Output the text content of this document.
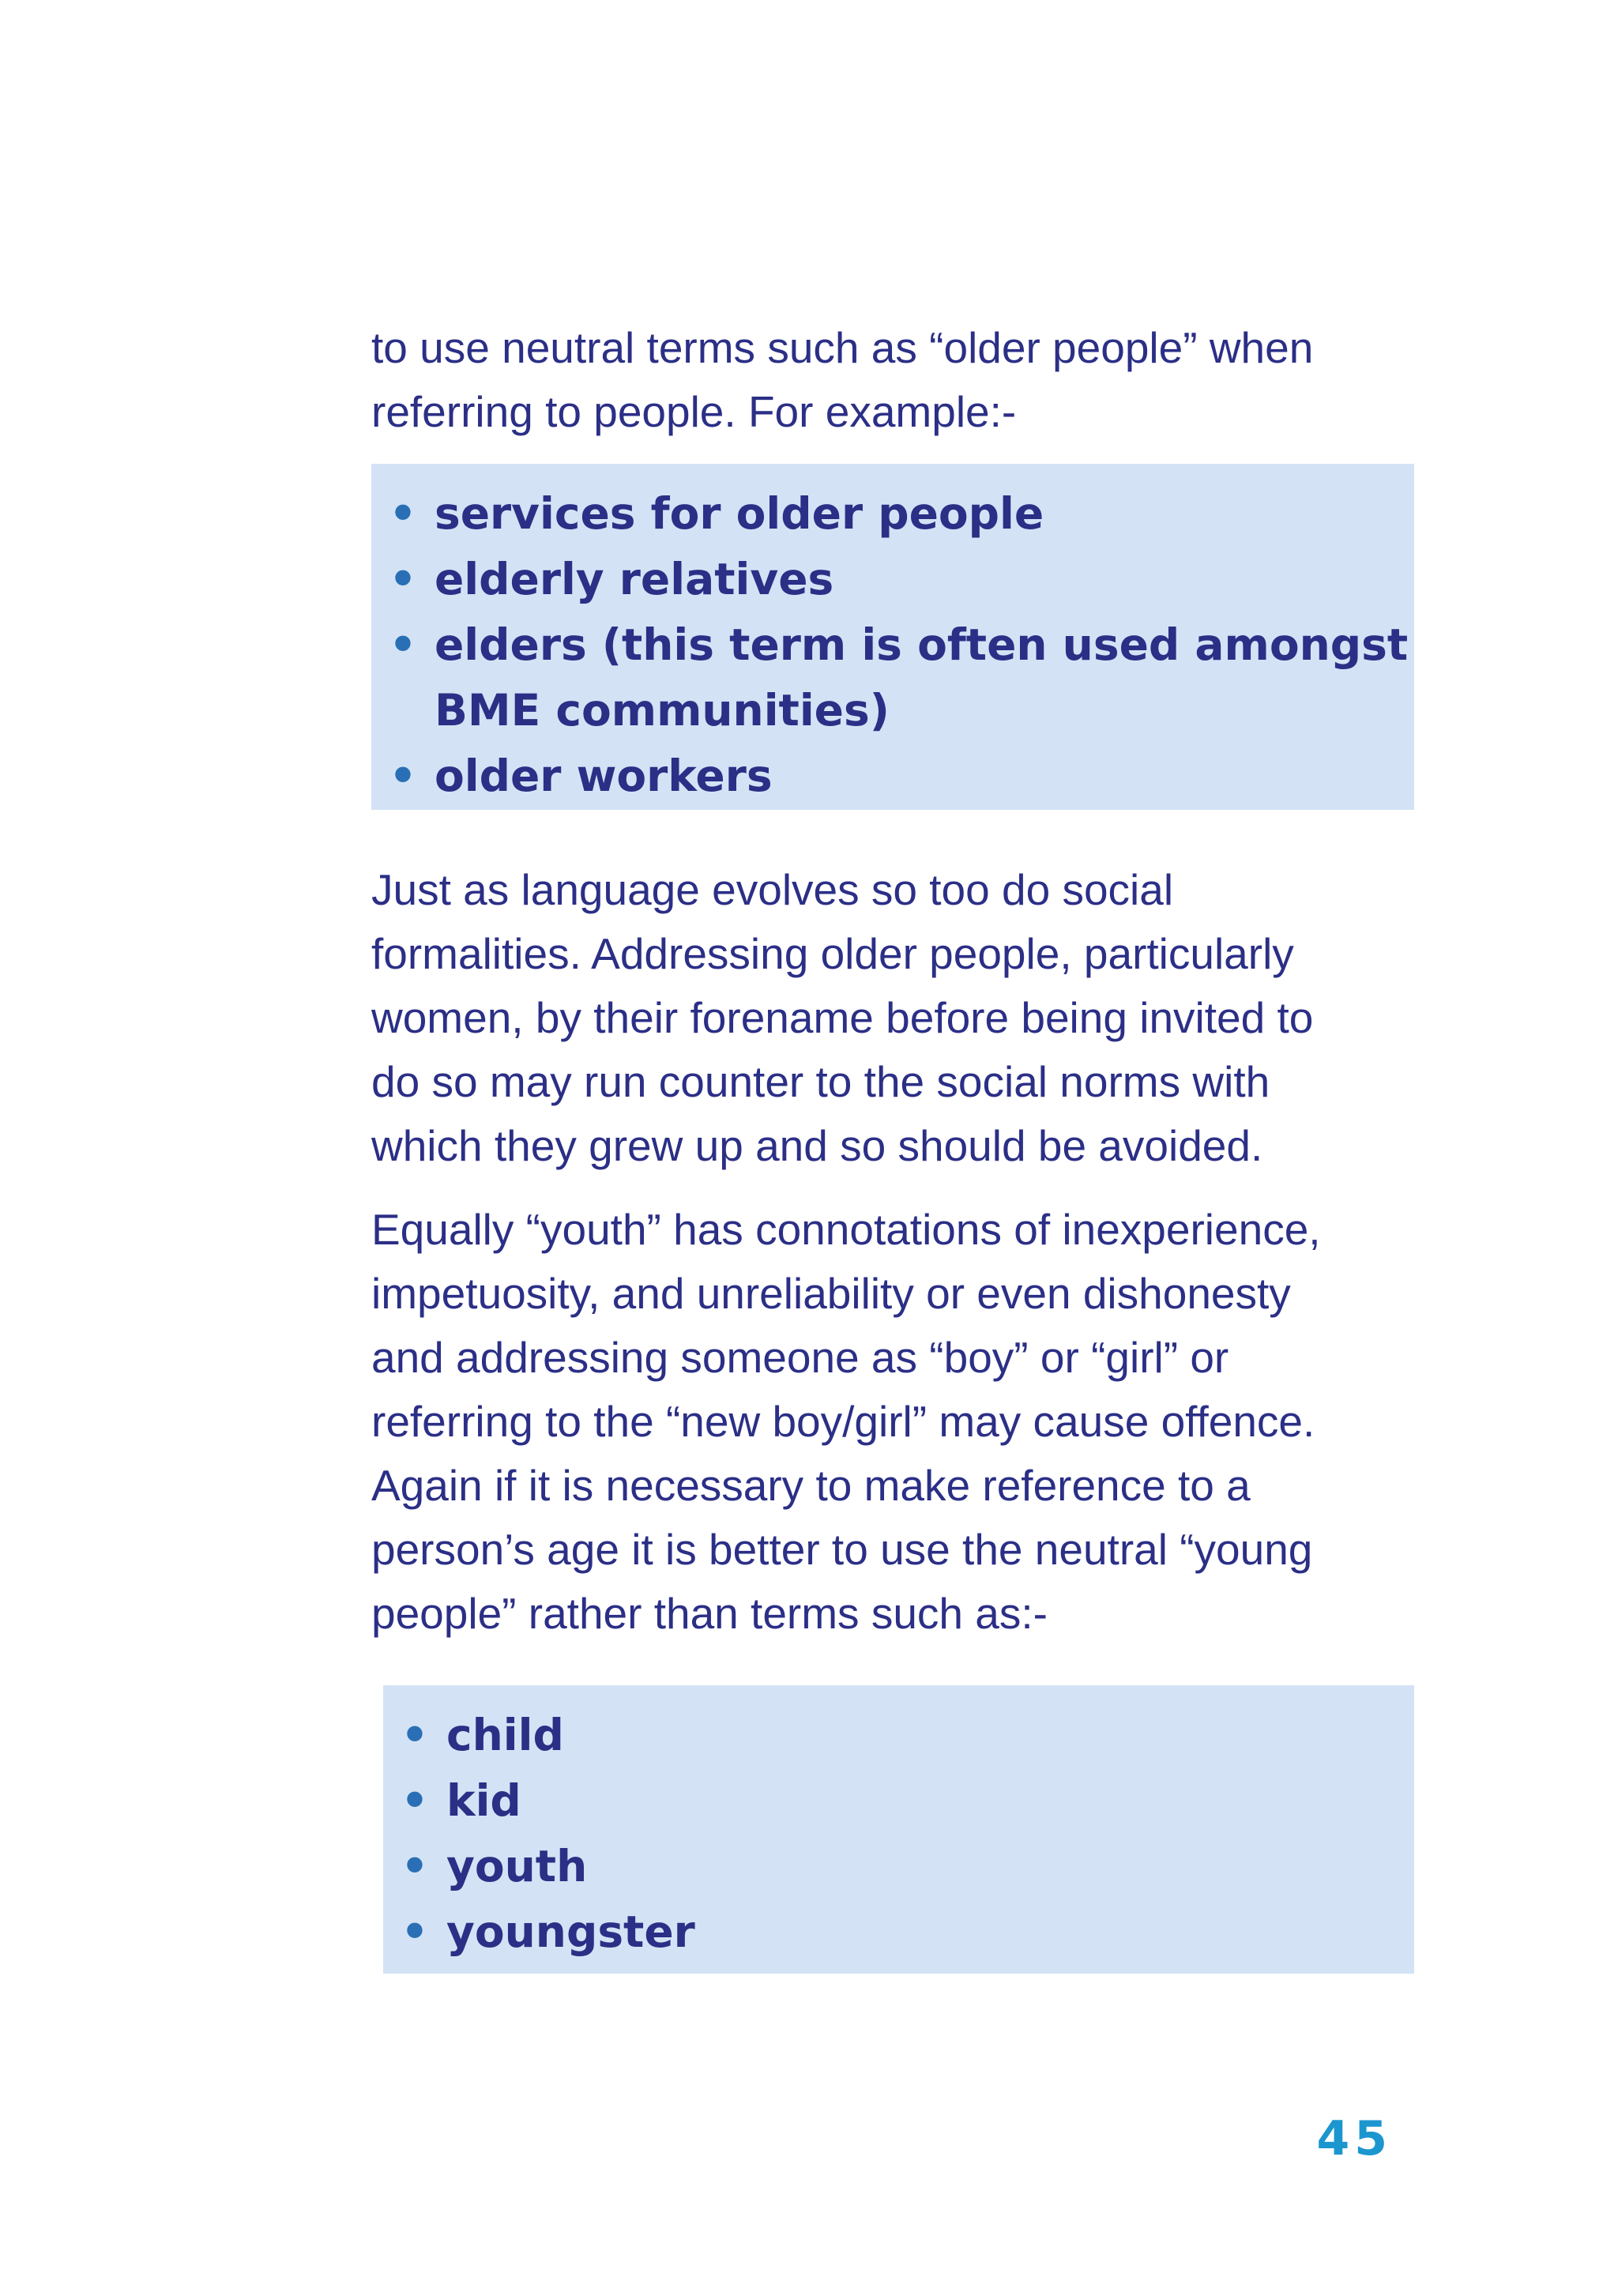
to use neutral terms such as “older people” when
referring to people. For example:-

• services for older people
• elderly relatives
• elders (this term is often used amongst
BME communities)
• older workers

Just as language evolves so too do social
formalities. Addressing older people, particularly
women, by their forename before being invited to
do so may run counter to the social norms with
which they grew up and so should be avoided.

Equally “youth” has connotations of inexperience,
impetuosity, and unreliability or even dishonesty
and addressing someone as “boy” or “girl” or
referring to the “new boy/girl” may cause offence.
Again if it is necessary to make reference to a
person’s age it is better to use the neutral “young
people” rather than terms such as:-

• child
• kid
• youth
• youngster
45
